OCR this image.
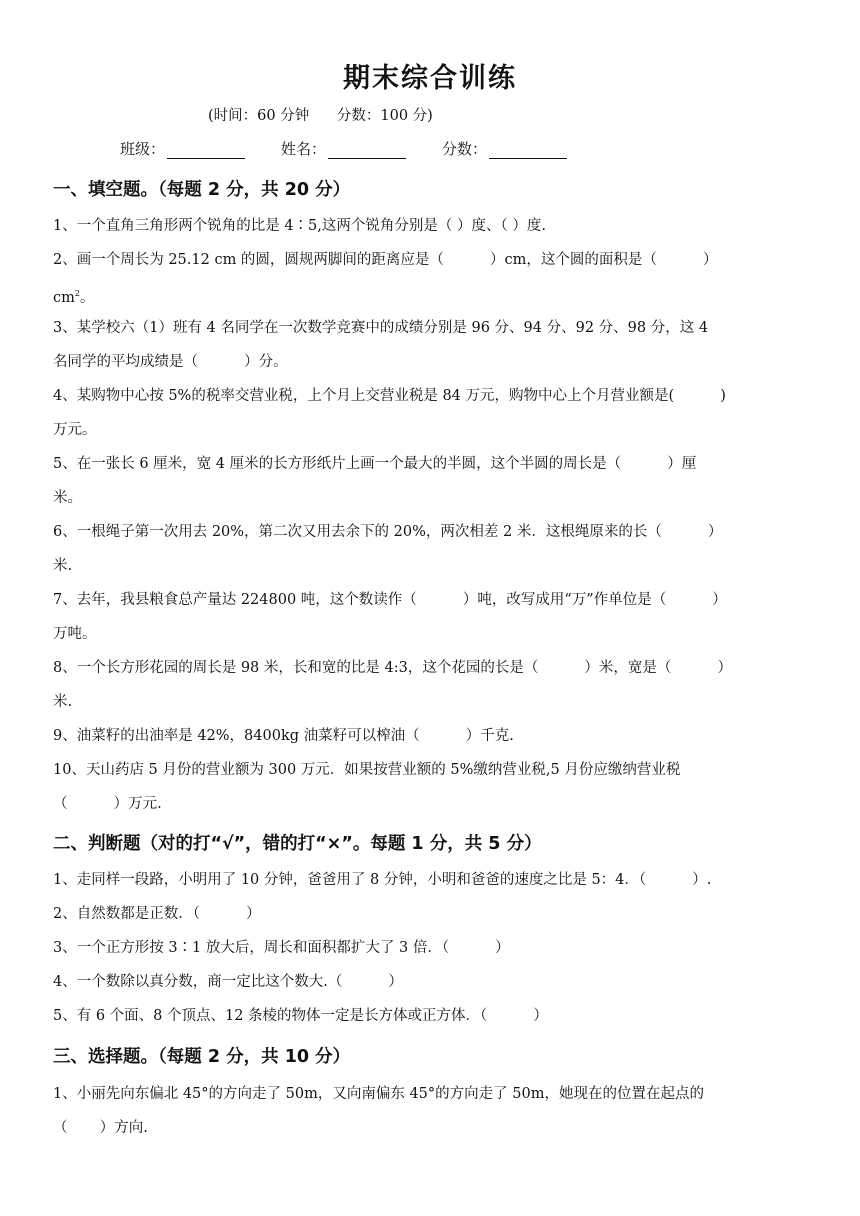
期末综合训练
(时间：60 分钟 分数：100 分)
班级：	姓名：	分数：
一、填空题。（每题 2 分，共 20 分）
1、一个直角三角形两个锐角的比是 4∶5,这两个锐角分别是（ ）度、（ ）度.
2、画一个周长为 25.12 cm 的圆，圆规两脚间的距离应是（          ）cm，这个圆的面积是（          ）
$cm^2$。
3、某学校六（1）班有 4 名同学在一次数学竞赛中的成绩分别是 96 分、94 分、92 分、98 分，这 4
名同学的平均成绩是（          ）分。
4、某购物中心按 5%的税率交营业税，上个月上交营业税是 84 万元，购物中心上个月营业额是(          )
万元。
5、在一张长 6 厘米，宽 4 厘米的长方形纸片上画一个最大的半圆，这个半圆的周长是（          ）厘
米。
6、一根绳子第一次用去 20%，第二次又用去余下的 20%，两次相差 2 米．这根绳原来的长（          ）
米.
7、去年，我县粮食总产量达 224800 吨，这个数读作（          ）吨，改写成用“万”作单位是（          ）
万吨。
8、一个长方形花园的周长是 98 米，长和宽的比是 4:3，这个花园的长是（          ）米，宽是（          ）
米.
9、油菜籽的出油率是 42%，8400kg 油菜籽可以榨油（          ）千克.
10、天山药店 5 月份的营业额为 300 万元．如果按营业额的 5%缴纳营业税,5 月份应缴纳营业税
（          ）万元.
二、判断题（对的打“√”，错的打“×”。每题 1 分，共 5 分）
1、走同样一段路，小明用了 10 分钟，爸爸用了 8 分钟，小明和爸爸的速度之比是 5：4．（          ）.
2、自然数都是正数．（          ）
3、一个正方形按 3∶1 放大后，周长和面积都扩大了 3 倍．（          ）
4、一个数除以真分数，商一定比这个数大.（          ）
5、有 6 个面、8 个顶点、12 条棱的物体一定是长方体或正方体．（          ）
三、选择题。（每题 2 分，共 10 分）
1、小丽先向东偏北 45°的方向走了 50m，又向南偏东 45°的方向走了 50m，她现在的位置在起点的
（       ）方向.
